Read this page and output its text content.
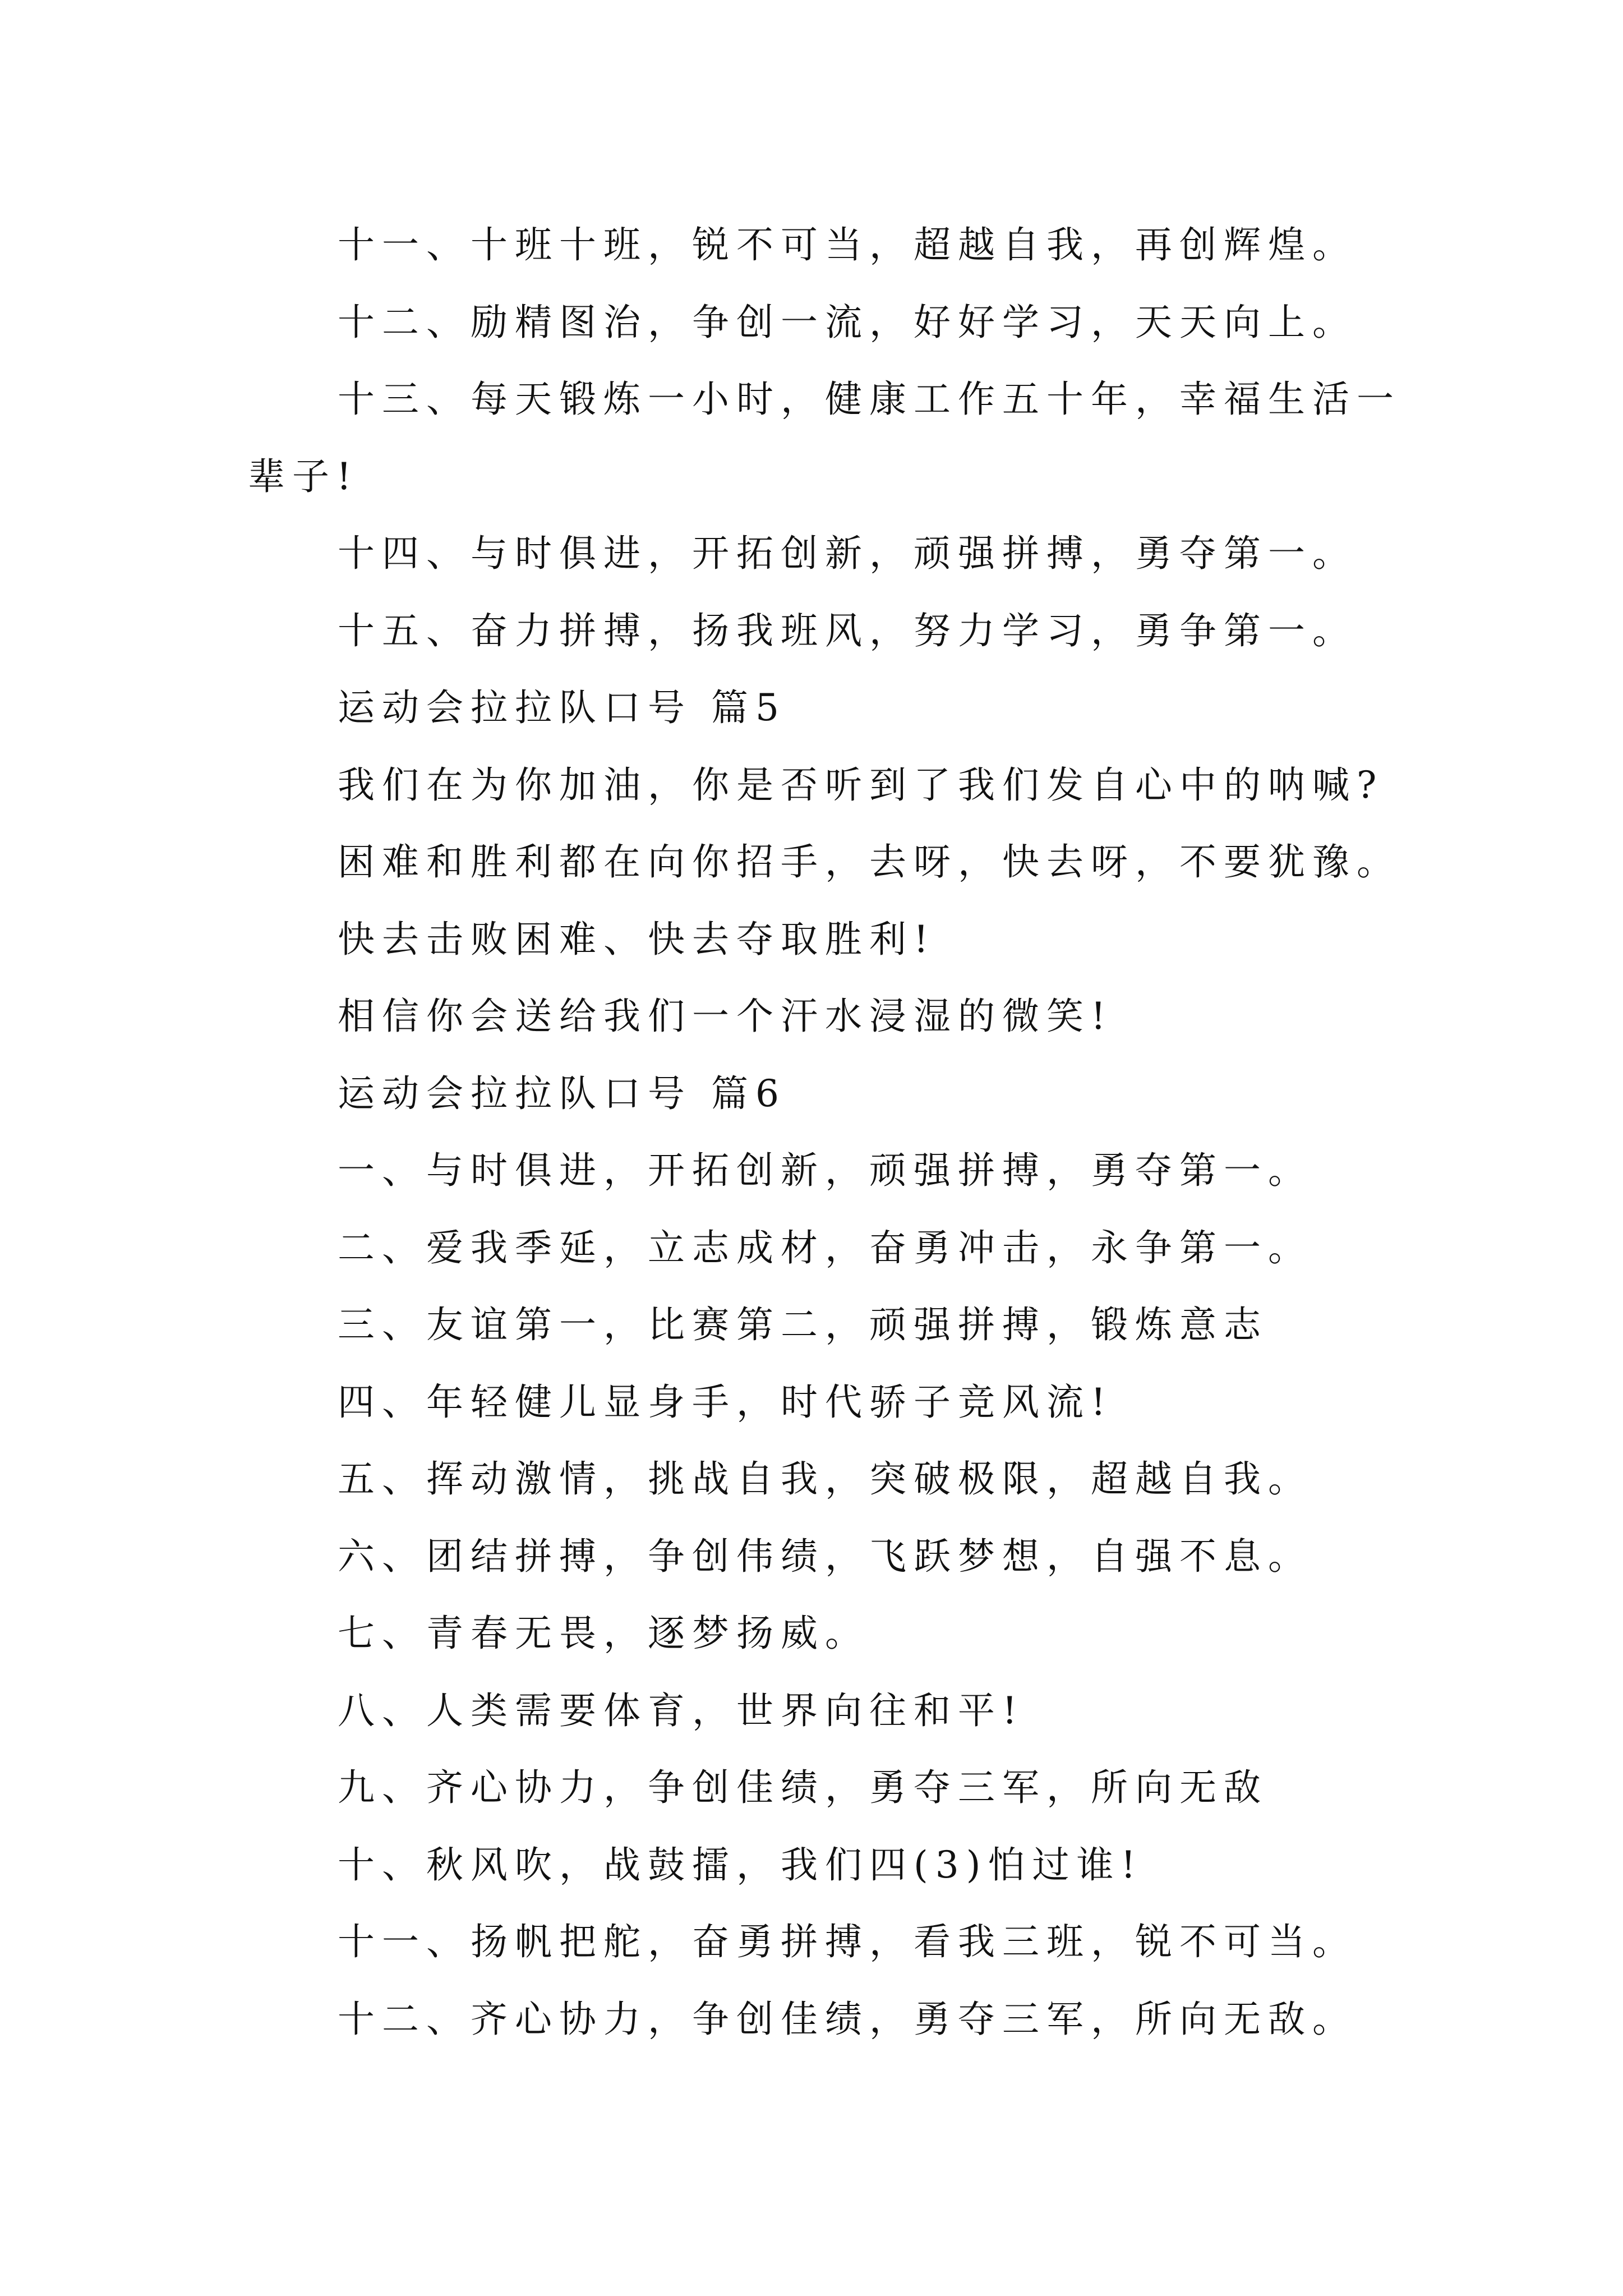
十一、十班十班，锐不可当，超越自我，再创辉煌。
十二、励精图治，争创一流，好好学习，天天向上。
十三、每天锻炼一小时，健康工作五十年，幸福生活一
辈子!
十四、与时俱进，开拓创新，顽强拼搏，勇夺第一。
十五、奋力拼搏，扬我班风，努力学习，勇争第一。
运动会拉拉队口号 篇5
我们在为你加油，你是否听到了我们发自心中的呐喊?
困难和胜利都在向你招手，去呀，快去呀，不要犹豫。
快去击败困难、快去夺取胜利!
相信你会送给我们一个汗水浸湿的微笑!
运动会拉拉队口号 篇6
一、与时俱进，开拓创新，顽强拼搏，勇夺第一。
二、爱我季延，立志成材，奋勇冲击，永争第一。
三、友谊第一，比赛第二，顽强拼搏，锻炼意志
四、年轻健儿显身手，时代骄子竞风流!
五、挥动激情，挑战自我，突破极限，超越自我。
六、团结拼搏，争创伟绩，飞跃梦想，自强不息。
七、青春无畏，逐梦扬威。
八、人类需要体育，世界向往和平!
九、齐心协力，争创佳绩，勇夺三军，所向无敌
十、秋风吹，战鼓擂，我们四(3)怕过谁!
十一、扬帆把舵，奋勇拼搏，看我三班，锐不可当。
十二、齐心协力，争创佳绩，勇夺三军，所向无敌。
